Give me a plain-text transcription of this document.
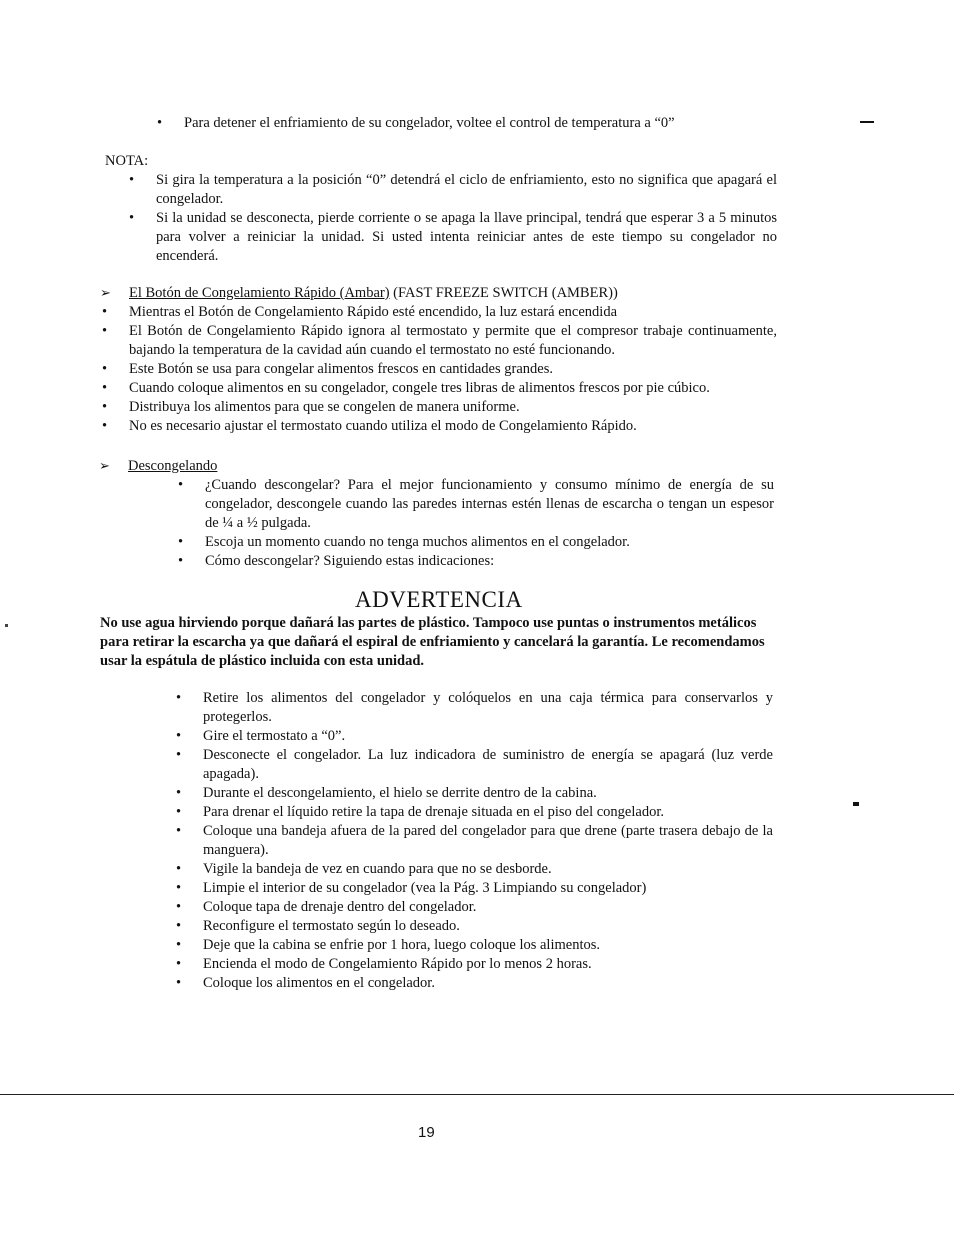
• Para detener el enfriamiento de su congelador, voltee el control de temperatura a “0”
NOTA:
• Si gira la temperatura a la posición “0” detendrá el ciclo de enfriamiento, esto no significa que apagará el congelador.
• Si la unidad se desconecta, pierde corriente o se apaga la llave principal, tendrá que esperar 3 a 5 minutos para volver a reiniciar la unidad. Si usted intenta reiniciar antes de este tiempo su congelador no encenderá.
➢ El Botón de Congelamiento Rápido (Ambar) (FAST FREEZE SWITCH (AMBER))
• Mientras el Botón de Congelamiento Rápido esté encendido, la luz estará encendida
• El Botón de Congelamiento Rápido ignora al termostato y permite que el compresor trabaje continuamente, bajando la temperatura de la cavidad aún cuando el termostato no esté funcionando.
• Este Botón se usa para congelar alimentos frescos en cantidades grandes.
• Cuando coloque alimentos en su congelador, congele tres libras de alimentos frescos por pie cúbico.
• Distribuya los alimentos para que se congelen de manera uniforme.
• No es necesario ajustar el termostato cuando utiliza el modo de Congelamiento Rápido.
➢ Descongelando
• ¿Cuando descongelar? Para el mejor funcionamiento y consumo mínimo de energía de su congelador, descongele cuando las paredes internas estén llenas de escarcha o tengan un espesor de ¼ a ½ pulgada.
• Escoja un momento cuando no tenga muchos alimentos en el congelador.
• Cómo descongelar? Siguiendo estas indicaciones:
ADVERTENCIA
No use agua hirviendo porque dañará las partes de plástico. Tampoco use puntas o instrumentos metálicos para retirar la escarcha ya que dañará el espiral de enfriamiento y cancelará la garantía. Le recomendamos usar la espátula de plástico incluida con esta unidad.
• Retire los alimentos del congelador y colóquelos en una caja térmica para conservarlos y protegerlos.
• Gire el termostato a “0”.
• Desconecte el congelador. La luz indicadora de suministro de energía se apagará (luz verde apagada).
• Durante el descongelamiento, el hielo se derrite dentro de la cabina.
• Para drenar el líquido retire la tapa de drenaje situada en el piso del congelador.
• Coloque una bandeja afuera de la pared del congelador para que drene (parte trasera debajo de la manguera).
• Vigile la bandeja de vez en cuando para que no se desborde.
• Limpie el interior de su congelador (vea la Pág. 3 Limpiando su congelador)
• Coloque tapa de drenaje dentro del congelador.
• Reconfigure el termostato según lo deseado.
• Deje que la cabina se enfrie por 1 hora, luego coloque los alimentos.
• Encienda el modo de Congelamiento Rápido por lo menos 2 horas.
• Coloque los alimentos en el congelador.
19
